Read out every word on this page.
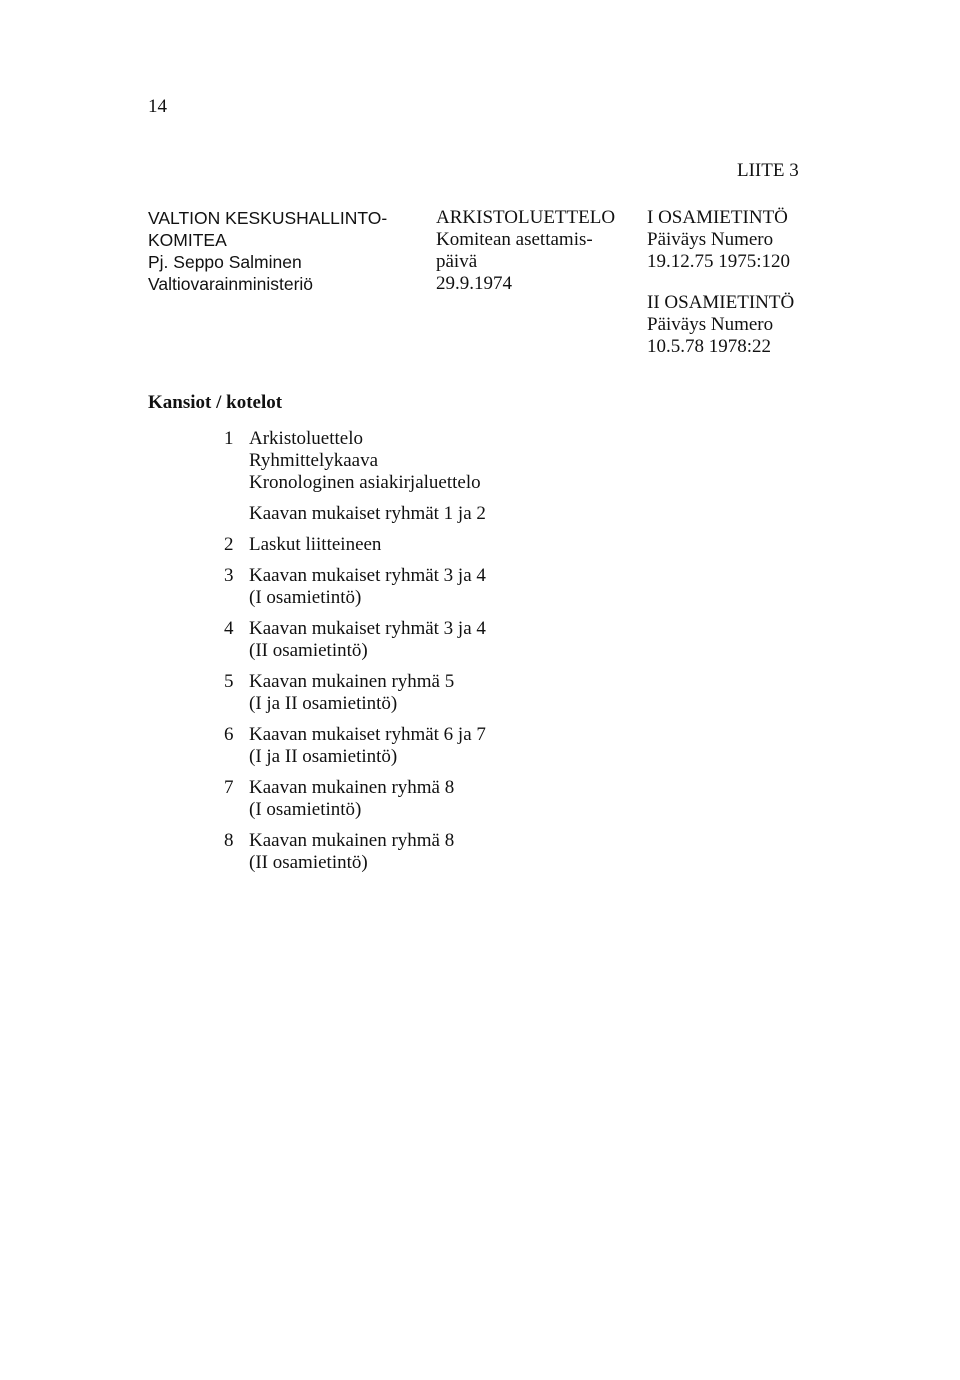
14
LIITE 3
VALTION KESKUSHALLINTO-
KOMITEA
Pj. Seppo Salminen
Valtiovarainministeriö
ARKISTOLUETTELO
Komitean asettamis-
päivä
29.9.1974
I OSAMIETINTÖ
Päiväys Numero
19.12.75 1975:120
II OSAMIETINTÖ
Päiväys Numero
10.5.78 1978:22
Kansiot / kotelot
1 Arkistoluettelo
Ryhmittelykaava
Kronologinen asiakirjaluettelo
Kaavan mukaiset ryhmät 1 ja 2
2 Laskut liitteineen
3 Kaavan mukaiset ryhmät 3 ja 4
(I osamietintö)
4 Kaavan mukaiset ryhmät 3 ja 4
(II osamietintö)
5 Kaavan mukainen ryhmä 5
(I ja II osamietintö)
6 Kaavan mukaiset ryhmät 6 ja 7
(I ja II osamietintö)
7 Kaavan mukainen ryhmä 8
(I osamietintö)
8 Kaavan mukainen ryhmä 8
(II osamietintö)
